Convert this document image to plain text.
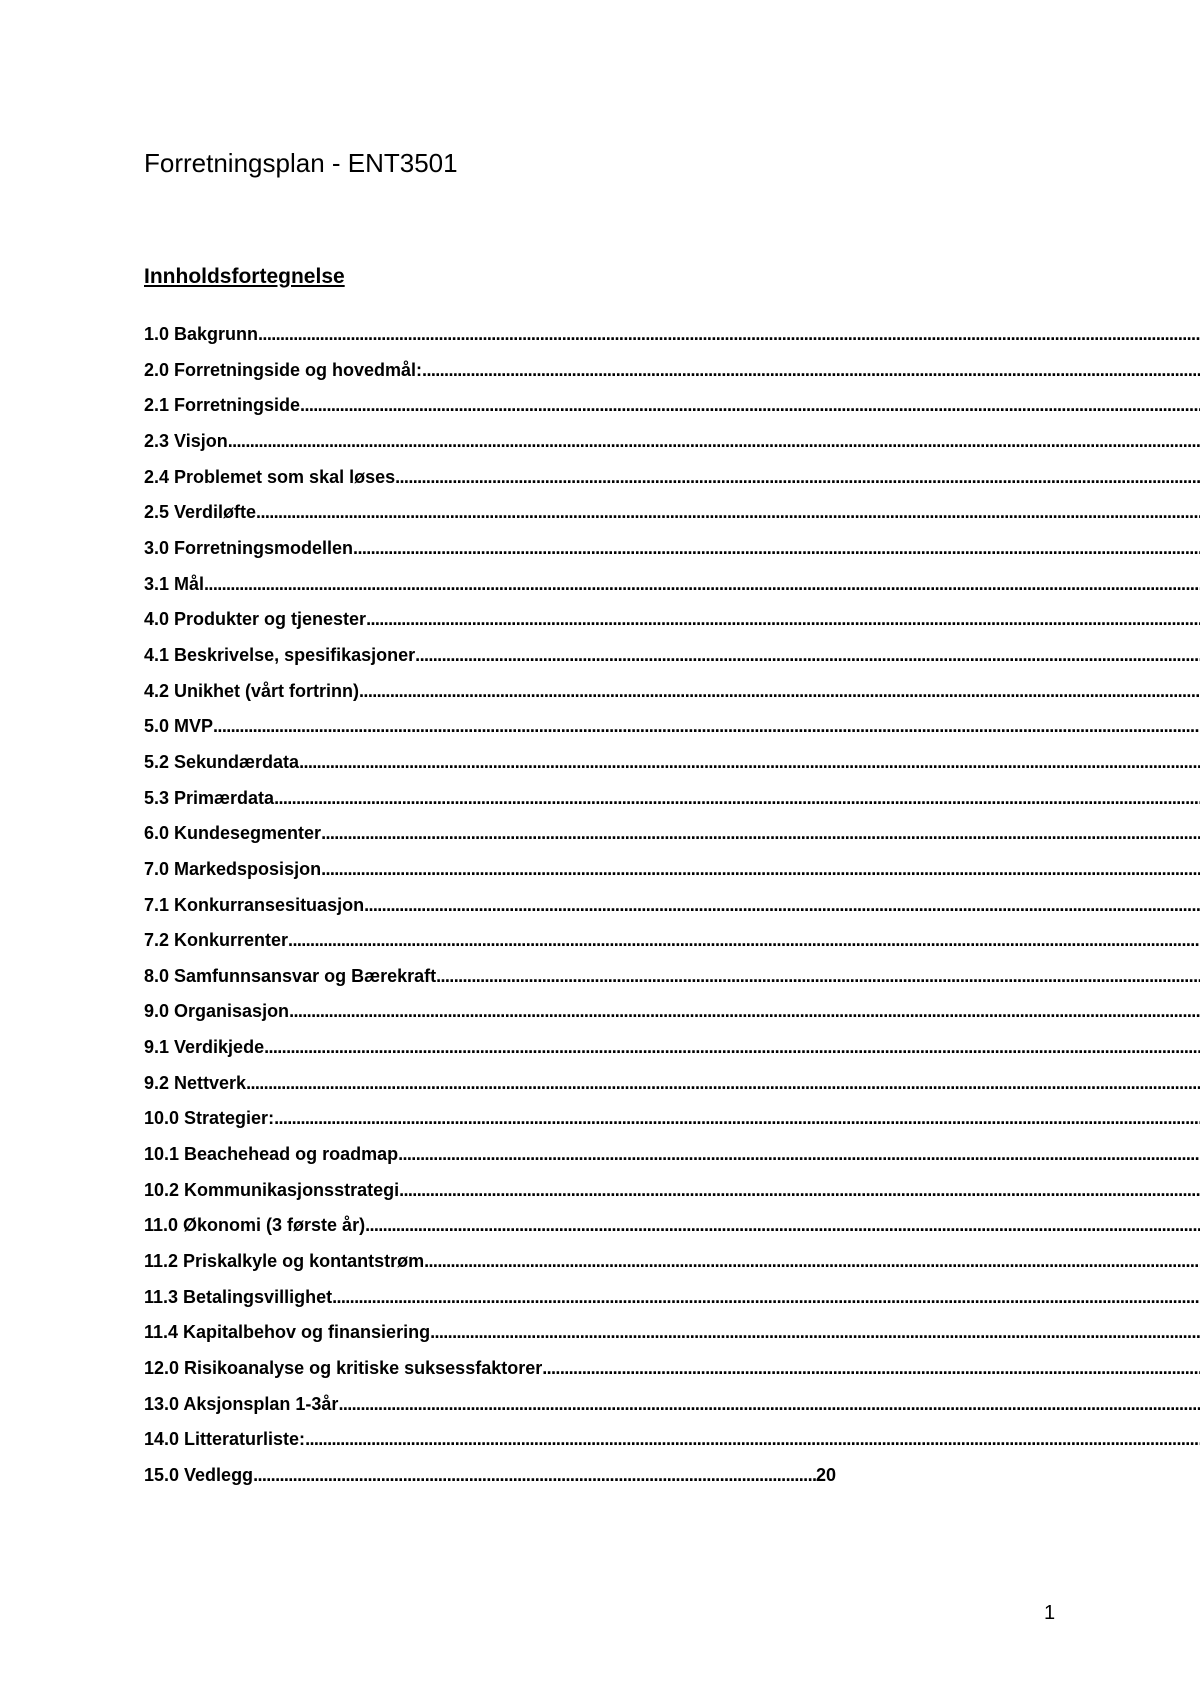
Forretningsplan - ENT3501
Innholdsfortegnelse
1.0 Bakgrunn
.....
2.0 Forretningside og hovedmål:
.....
2.1 Forretningside
.....
2.3 Visjon
.....
2.4 Problemet som skal løses
.....
2.5 Verdiløfte
.....
3.0 Forretningsmodellen
.....
3.1 Mål
.....
4.0 Produkter og tjenester
.....
4.1 Beskrivelse, spesifikasjoner
.....
4.2 Unikhet (vårt fortrinn)
.....
5.0 MVP
.....
5.2 Sekundærdata
.....
5.3 Primærdata
.....
6.0 Kundesegmenter
.....
7.0 Markedsposisjon
.....
7.1 Konkurransesituasjon
.....
7.2 Konkurrenter
.....
8.0 Samfunnsansvar og Bærekraft
.....
9.0 Organisasjon
.....
9.1 Verdikjede
.....
9.2 Nettverk
.....
10.0 Strategier:
.....
10.1 Beachehead og roadmap
.....
10.2 Kommunikasjonsstrategi
.....
11.0 Økonomi (3 første år)
.....
11.2 Priskalkyle og kontantstrøm
.....
11.3 Betalingsvillighet
.....
11.4 Kapitalbehov og finansiering
.....
12.0 Risikoanalyse og kritiske suksessfaktorer
.....
13.0 Aksjonsplan 1-3år
.....
14.0 Litteraturliste:
.....
15.0 Vedlegg .....	20
1
